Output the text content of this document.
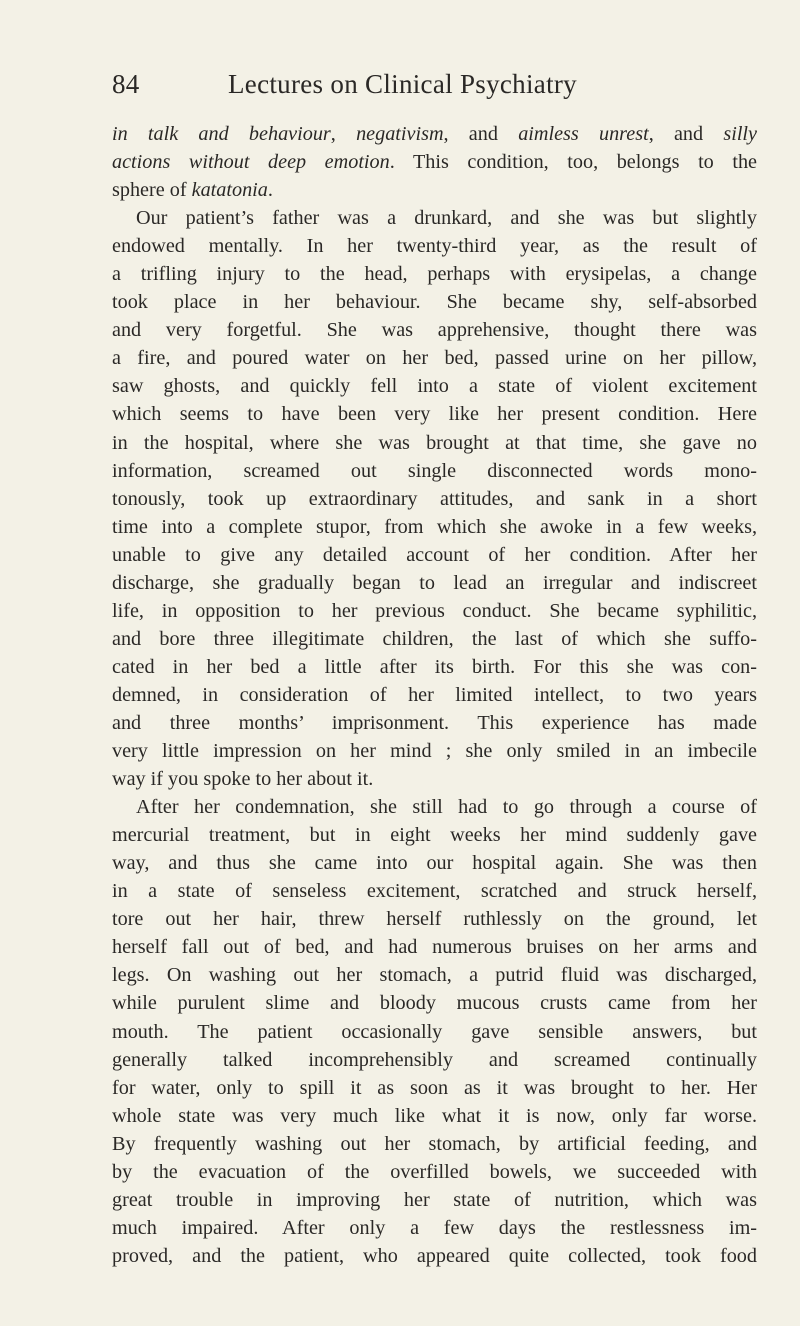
84	Lectures on Clinical Psychiatry
in talk and behaviour, negativism, and aimless unrest, and silly
actions without deep emotion. This condition, too, belongs to the
sphere of katatonia.
Our patient’s father was a drunkard, and she was but slightly
endowed mentally. In her twenty-third year, as the result of
a trifling injury to the head, perhaps with erysipelas, a change
took place in her behaviour. She became shy, self-absorbed
and very forgetful. She was apprehensive, thought there was
a fire, and poured water on her bed, passed urine on her pillow,
saw ghosts, and quickly fell into a state of violent excitement
which seems to have been very like her present condition. Here
in the hospital, where she was brought at that time, she gave no
information, screamed out single disconnected words mono-
tonously, took up extraordinary attitudes, and sank in a short
time into a complete stupor, from which she awoke in a few weeks,
unable to give any detailed account of her condition. After her
discharge, she gradually began to lead an irregular and indiscreet
life, in opposition to her previous conduct. She became syphilitic,
and bore three illegitimate children, the last of which she suffo-
cated in her bed a little after its birth. For this she was con-
demned, in consideration of her limited intellect, to two years
and three months’ imprisonment. This experience has made
very little impression on her mind ; she only smiled in an imbecile
way if you spoke to her about it.
After her condemnation, she still had to go through a course of
mercurial treatment, but in eight weeks her mind suddenly gave
way, and thus she came into our hospital again. She was then
in a state of senseless excitement, scratched and struck herself,
tore out her hair, threw herself ruthlessly on the ground, let
herself fall out of bed, and had numerous bruises on her arms and
legs. On washing out her stomach, a putrid fluid was discharged,
while purulent slime and bloody mucous crusts came from her
mouth. The patient occasionally gave sensible answers, but
generally talked incomprehensibly and screamed continually
for water, only to spill it as soon as it was brought to her. Her
whole state was very much like what it is now, only far worse.
By frequently washing out her stomach, by artificial feeding, and
by the evacuation of the overfilled bowels, we succeeded with
great trouble in improving her state of nutrition, which was
much impaired. After only a few days the restlessness im-
proved, and the patient, who appeared quite collected, took food
